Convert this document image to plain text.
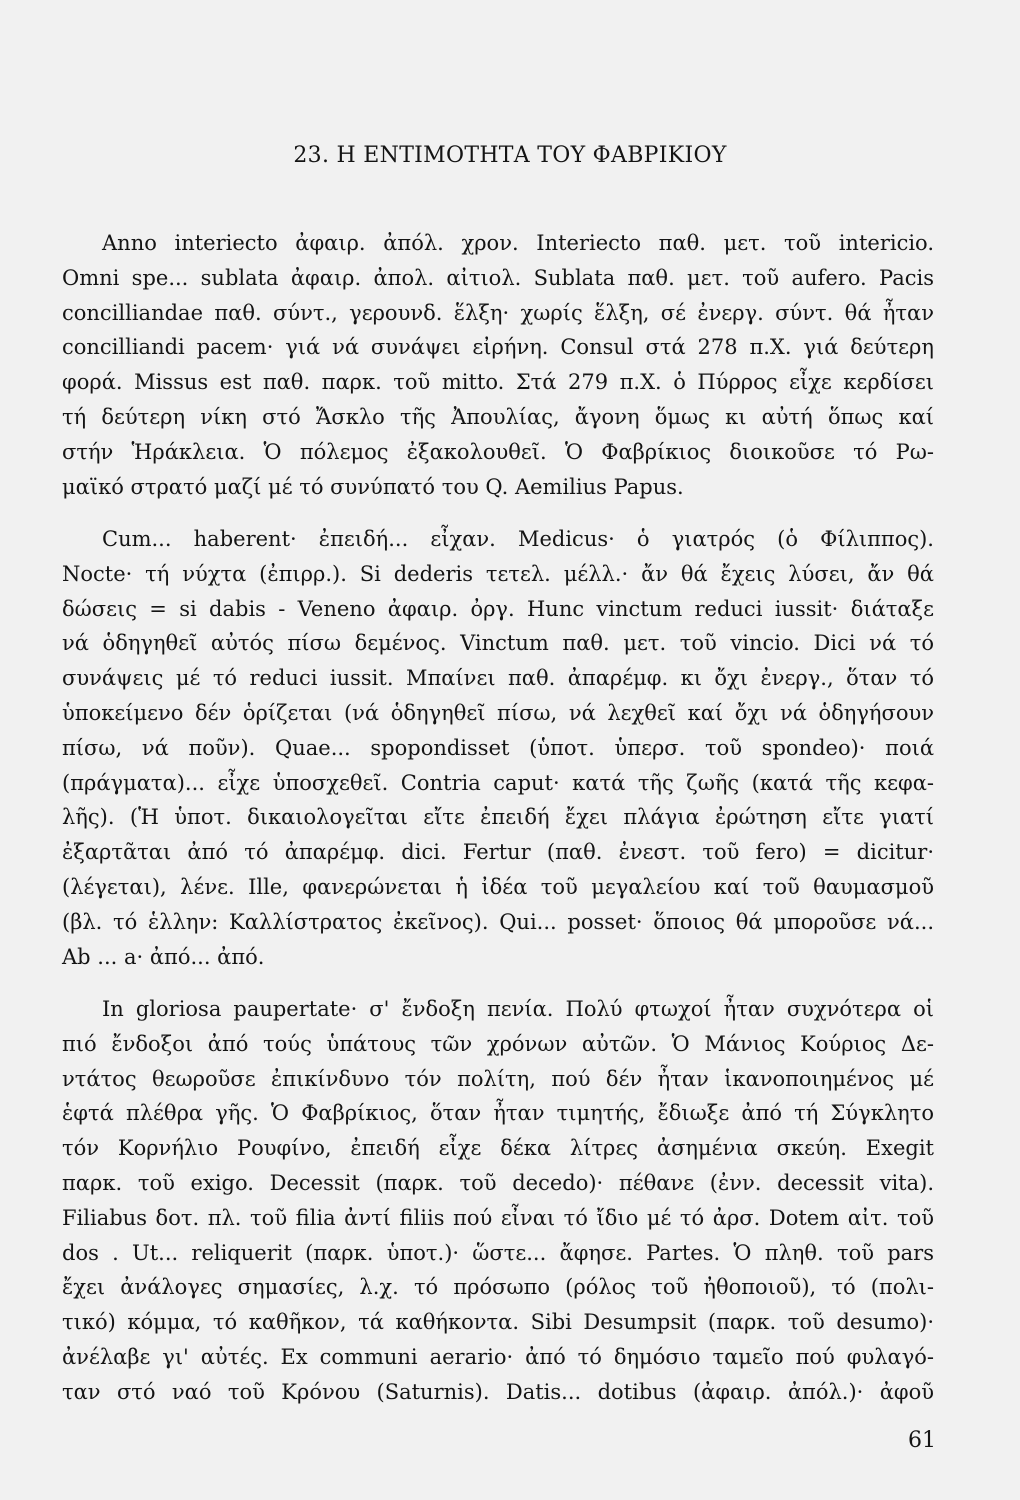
23. Η ΕΝΤΙΜΟΤΗΤΑ ΤΟΥ ΦΑΒΡΙΚΙΟΥ
Anno interiecto ἀφαιρ. ἀπόλ. χρον. Interiecto παθ. μετ. τοῦ intericio.
Omni spe... sublata ἀφαιρ. ἀπολ. αἰτιολ. Sublata παθ. μετ. τοῦ aufero. Pacis
concilliandae παθ. σύντ., γερουνδ. ἕλξη· χωρίς ἕλξη, σέ ἐνεργ. σύντ. θά ἦταν
concilliandi pacem· γιά νά συνάψει εἰρήνη. Consul στά 278 π.Χ. γιά δεύτερη
φορά. Missus est παθ. παρκ. τοῦ mitto. Στά 279 π.Χ. ὁ Πύρρος εἶχε κερδίσει
τή δεύτερη νίκη στό Ἄσκλο τῆς Ἀπουλίας, ἄγονη ὅμως κι αὐτή ὅπως καί
στήν Ἡράκλεια. Ὁ πόλεμος ἐξακολουθεῖ. Ὁ Φαβρίκιος διοικοῦσε τό Ρω-
μαϊκό στρατό μαζί μέ τό συνύπατό του Q. Aemilius Papus.
Cum... haberent· ἐπειδή... εἶχαν. Medicus· ὁ γιατρός (ὁ Φίλιππος).
Nocte· τή νύχτα (ἐπιρρ.). Si dederis τετελ. μέλλ.· ἄν θά ἔχεις λύσει, ἄν θά
δώσεις = si dabis - Veneno ἀφαιρ. ὀργ. Hunc vinctum reduci iussit· διάταξε
νά ὁδηγηθεῖ αὐτός πίσω δεμένος. Vinctum παθ. μετ. τοῦ vincio. Dici νά τό
συνάψεις μέ τό reduci iussit. Μπαίνει παθ. ἀπαρέμφ. κι ὄχι ἐνεργ., ὅταν τό
ὑποκείμενο δέν ὁρίζεται (νά ὁδηγηθεῖ πίσω, νά λεχθεῖ καί ὄχι νά ὁδηγήσουν
πίσω, νά ποῦν). Quae... spopondisset (ὑποτ. ὑπερσ. τοῦ spondeo)· ποιά
(πράγματα)... εἶχε ὑποσχεθεῖ. Contria caput· κατά τῆς ζωῆς (κατά τῆς κεφα-
λῆς). (Ἡ ὑποτ. δικαιολογεῖται εἴτε ἐπειδή ἔχει πλάγια ἐρώτηση εἴτε γιατί
ἐξαρτᾶται ἀπό τό ἀπαρέμφ. dici. Fertur (παθ. ἐνεστ. τοῦ fero) = dicitur·
(λέγεται), λένε. Ille, φανερώνεται ἡ ἰδέα τοῦ μεγαλείου καί τοῦ θαυμασμοῦ
(βλ. τό ἑλλην: Καλλίστρατος ἐκεῖνος). Qui... posset· ὅποιος θά μποροῦσε νά...
Ab ... a· ἀπό... ἀπό.
In gloriosa paupertate· σ' ἔνδοξη πενία. Πολύ φτωχοί ἦταν συχνότερα οἱ
πιό ἔνδοξοι ἀπό τούς ὑπάτους τῶν χρόνων αὐτῶν. Ὁ Μάνιος Κούριος Δε-
ντάτος θεωροῦσε ἐπικίνδυνο τόν πολίτη, πού δέν ἦταν ἱκανοποιημένος μέ
ἑφτά πλέθρα γῆς. Ὁ Φαβρίκιος, ὅταν ἦταν τιμητής, ἔδιωξε ἀπό τή Σύγκλητο
τόν Κορνήλιο Ρουφίνο, ἐπειδή εἶχε δέκα λίτρες ἀσημένια σκεύη. Exegit
παρκ. τοῦ exigo. Decessit (παρκ. τοῦ decedo)· πέθανε (ἐνν. decessit vita).
Filiabus δοτ. πλ. τοῦ filia ἀντί filiis πού εἶναι τό ἴδιο μέ τό ἀρσ. Dotem αἰτ. τοῦ
dos . Ut... reliquerit (παρκ. ὑποτ.)· ὥστε... ἄφησε. Partes. Ὁ πληθ. τοῦ pars
ἔχει ἀνάλογες σημασίες, λ.χ. τό πρόσωπο (ρόλος τοῦ ἠθοποιοῦ), τό (πολι-
τικό) κόμμα, τό καθῆκον, τά καθήκοντα. Sibi Desumpsit (παρκ. τοῦ desumo)·
ἀνέλαβε γι' αὐτές. Ex communi aerario· ἀπό τό δημόσιο ταμεῖο πού φυλαγό-
ταν στό ναό τοῦ Κρόνου (Saturnis). Datis... dotibus (ἀφαιρ. ἀπόλ.)· ἀφοῦ
61
